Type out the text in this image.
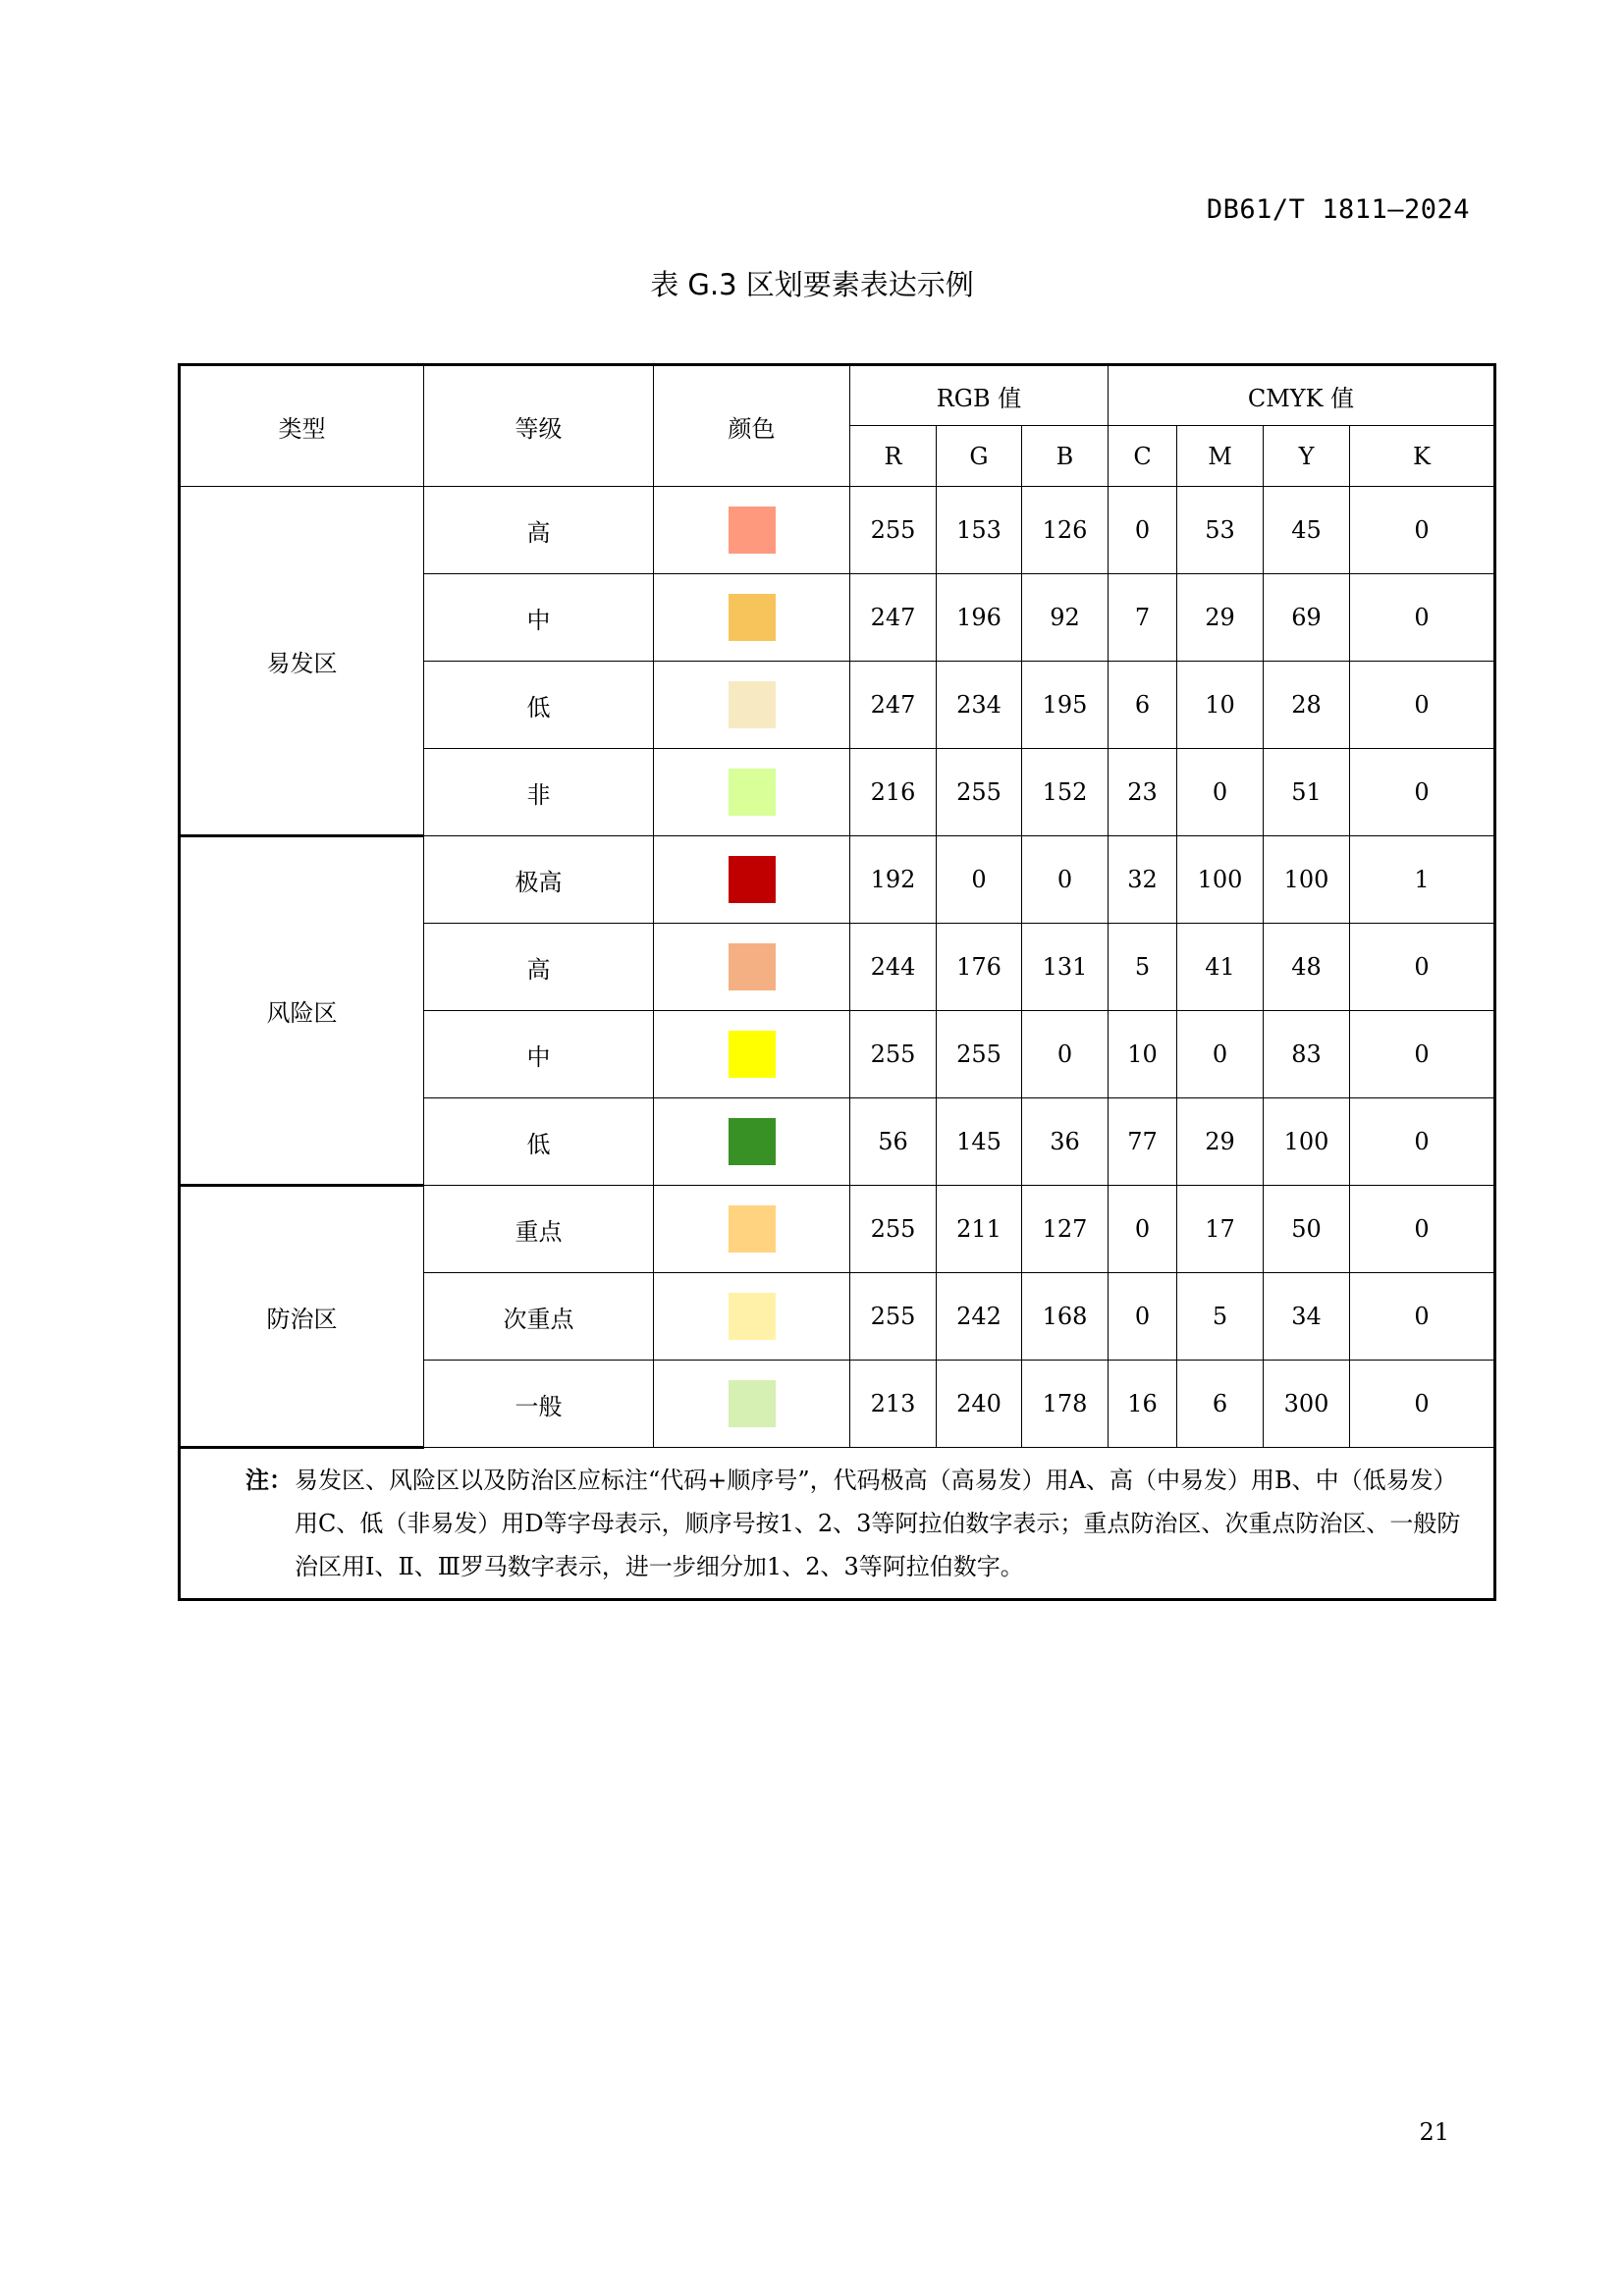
DB61/T 1811—2024
表 G.3 区划要素表达示例
类型	等级	颜色	RGB 值			CMYK 值			
			R	G	B	C	M	Y	K
易发区	高		255	153	126	0	53	45	0
	中		247	196	92	7	29	69	0
	低		247	234	195	6	10	28	0
	非		216	255	152	23	0	51	0
风险区	极高		192	0	0	32	100	100	1
	高		244	176	131	5	41	48	0
	中		255	255	0	10	0	83	0
	低		56	145	36	77	29	100	0
防治区	重点		255	211	127	0	17	50	0
	次重点		255	242	168	0	5	34	0
	一般		213	240	178	16	6	300	0

注： 易发区、风险区以及防治区应标注“代码+顺序号”，代码极高（高易发）用A、高（中易发）用B、中（低易发）用C、低（非易发）用D等字母表示，顺序号按1、2、3等阿拉伯数字表示；重点防治区、次重点防治区、一般防治区用Ⅰ、Ⅱ、Ⅲ罗马数字表示，进一步细分加1、2、3等阿拉伯数字。									
21
